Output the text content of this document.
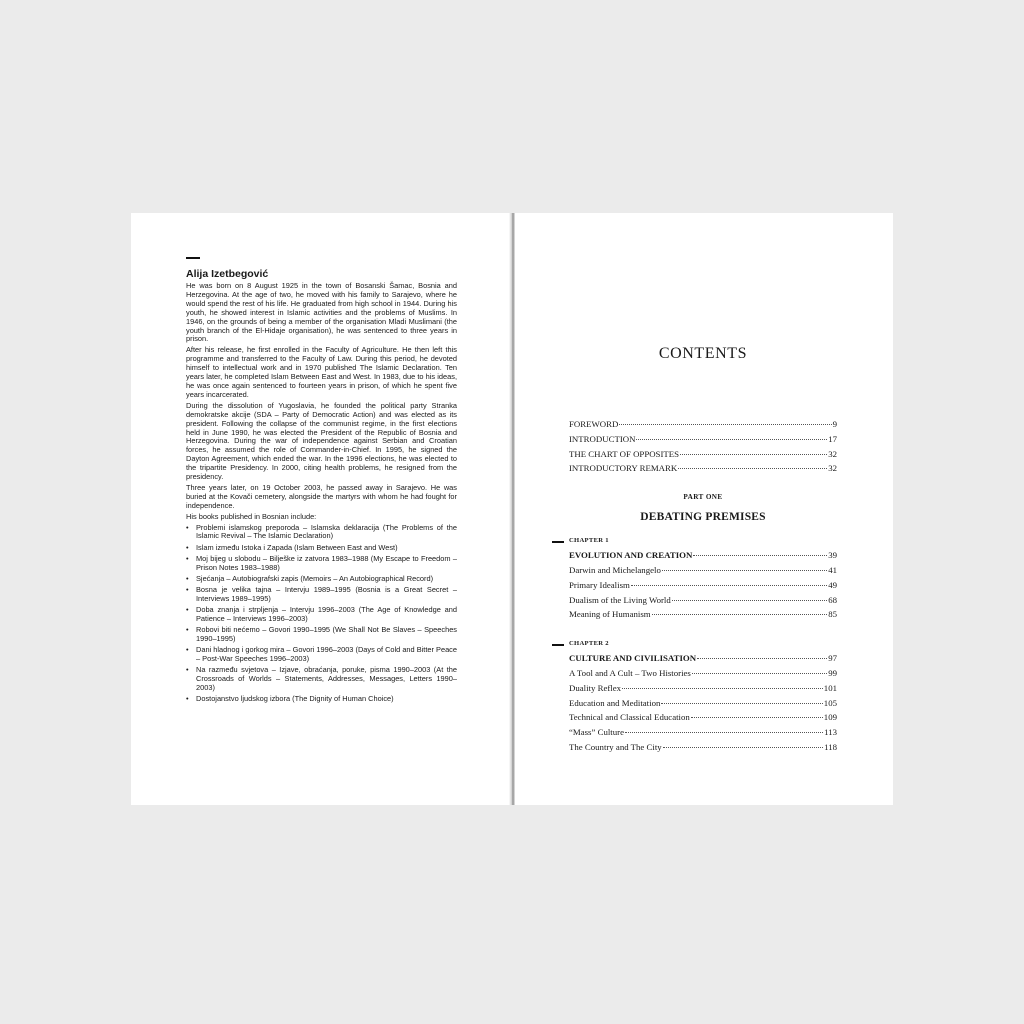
Alija Izetbegović

He was born on 8 August 1925 in the town of Bosanski Šamac, Bosnia and Herzegovina. At the age of two, he moved with his family to Sarajevo, where he would spend the rest of his life. He graduated from high school in 1944. During his youth, he showed interest in Islamic activities and the problems of Muslims. In 1946, on the grounds of being a member of the organisation Mladi Muslimani (the youth branch of the El-Hidaje organisation), he was sentenced to three years in prison.

After his release, he first enrolled in the Faculty of Agriculture. He then left this programme and transferred to the Faculty of Law. During this period, he devoted himself to intellectual work and in 1970 published The Islamic Declaration. Ten years later, he completed Islam Between East and West. In 1983, due to his ideas, he was once again sentenced to fourteen years in prison, of which he spent five years incarcerated.

During the dissolution of Yugoslavia, he founded the political party Stranka demokratske akcije (SDA – Party of Democratic Action) and was elected as its president. Following the collapse of the communist regime, in the first elections held in June 1990, he was elected the President of the Republic of Bosnia and Herzegovina. During the war of independence against Serbian and Croatian forces, he assumed the role of Commander-in-Chief. In 1995, he signed the Dayton Agreement, which ended the war. In the 1996 elections, he was elected to the tripartite Presidency. In 2000, citing health problems, he resigned from the presidency.

Three years later, on 19 October 2003, he passed away in Sarajevo. He was buried at the Kovači cemetery, alongside the martyrs with whom he had fought for independence.

His books published in Bosnian include:

• Problemi islamskog preporoda – Islamska deklaracija (The Problems of the Islamic Revival – The Islamic Declaration)
• Islam između Istoka i Zapada (Islam Between East and West)
• Moj bijeg u slobodu – Bilješke iz zatvora 1983–1988 (My Escape to Freedom – Prison Notes 1983–1988)
• Sjećanja – Autobiografski zapis (Memoirs – An Autobiographical Record)
• Bosna je velika tajna – Intervju 1989–1995 (Bosnia is a Great Secret – Interviews 1989–1995)
• Doba znanja i strpljenja – Intervju 1996–2003 (The Age of Knowledge and Patience – Interviews 1996–2003)
• Robovi biti nećemo – Govori 1990–1995 (We Shall Not Be Slaves – Speeches 1990–1995)
• Dani hladnog i gorkog mira – Govori 1996–2003 (Days of Cold and Bitter Peace – Post-War Speeches 1996–2003)
• Na razmeđu svjetova – Izjave, obraćanja, poruke, pisma 1990–2003 (At the Crossroads of Worlds – Statements, Addresses, Messages, Letters 1990–2003)
• Dostojanstvo ljudskog izbora (The Dignity of Human Choice)
CONTENTS
FOREWORD	9
INTRODUCTION	17
THE CHART OF OPPOSITES	32
INTRODUCTORY REMARK	32
PART ONE
DEBATING PREMISES
CHAPTER 1
EVOLUTION AND CREATION	39
Darwin and Michelangelo	41
Primary Idealism	49
Dualism of the Living World	68
Meaning of Humanism	85
CHAPTER 2
CULTURE AND CIVILISATION	97
A Tool and A Cult – Two Histories	99
Duality Reflex	101
Education and Meditation	105
Technical and Classical Education	109
“Mass” Culture	113
The Country and The City	118
